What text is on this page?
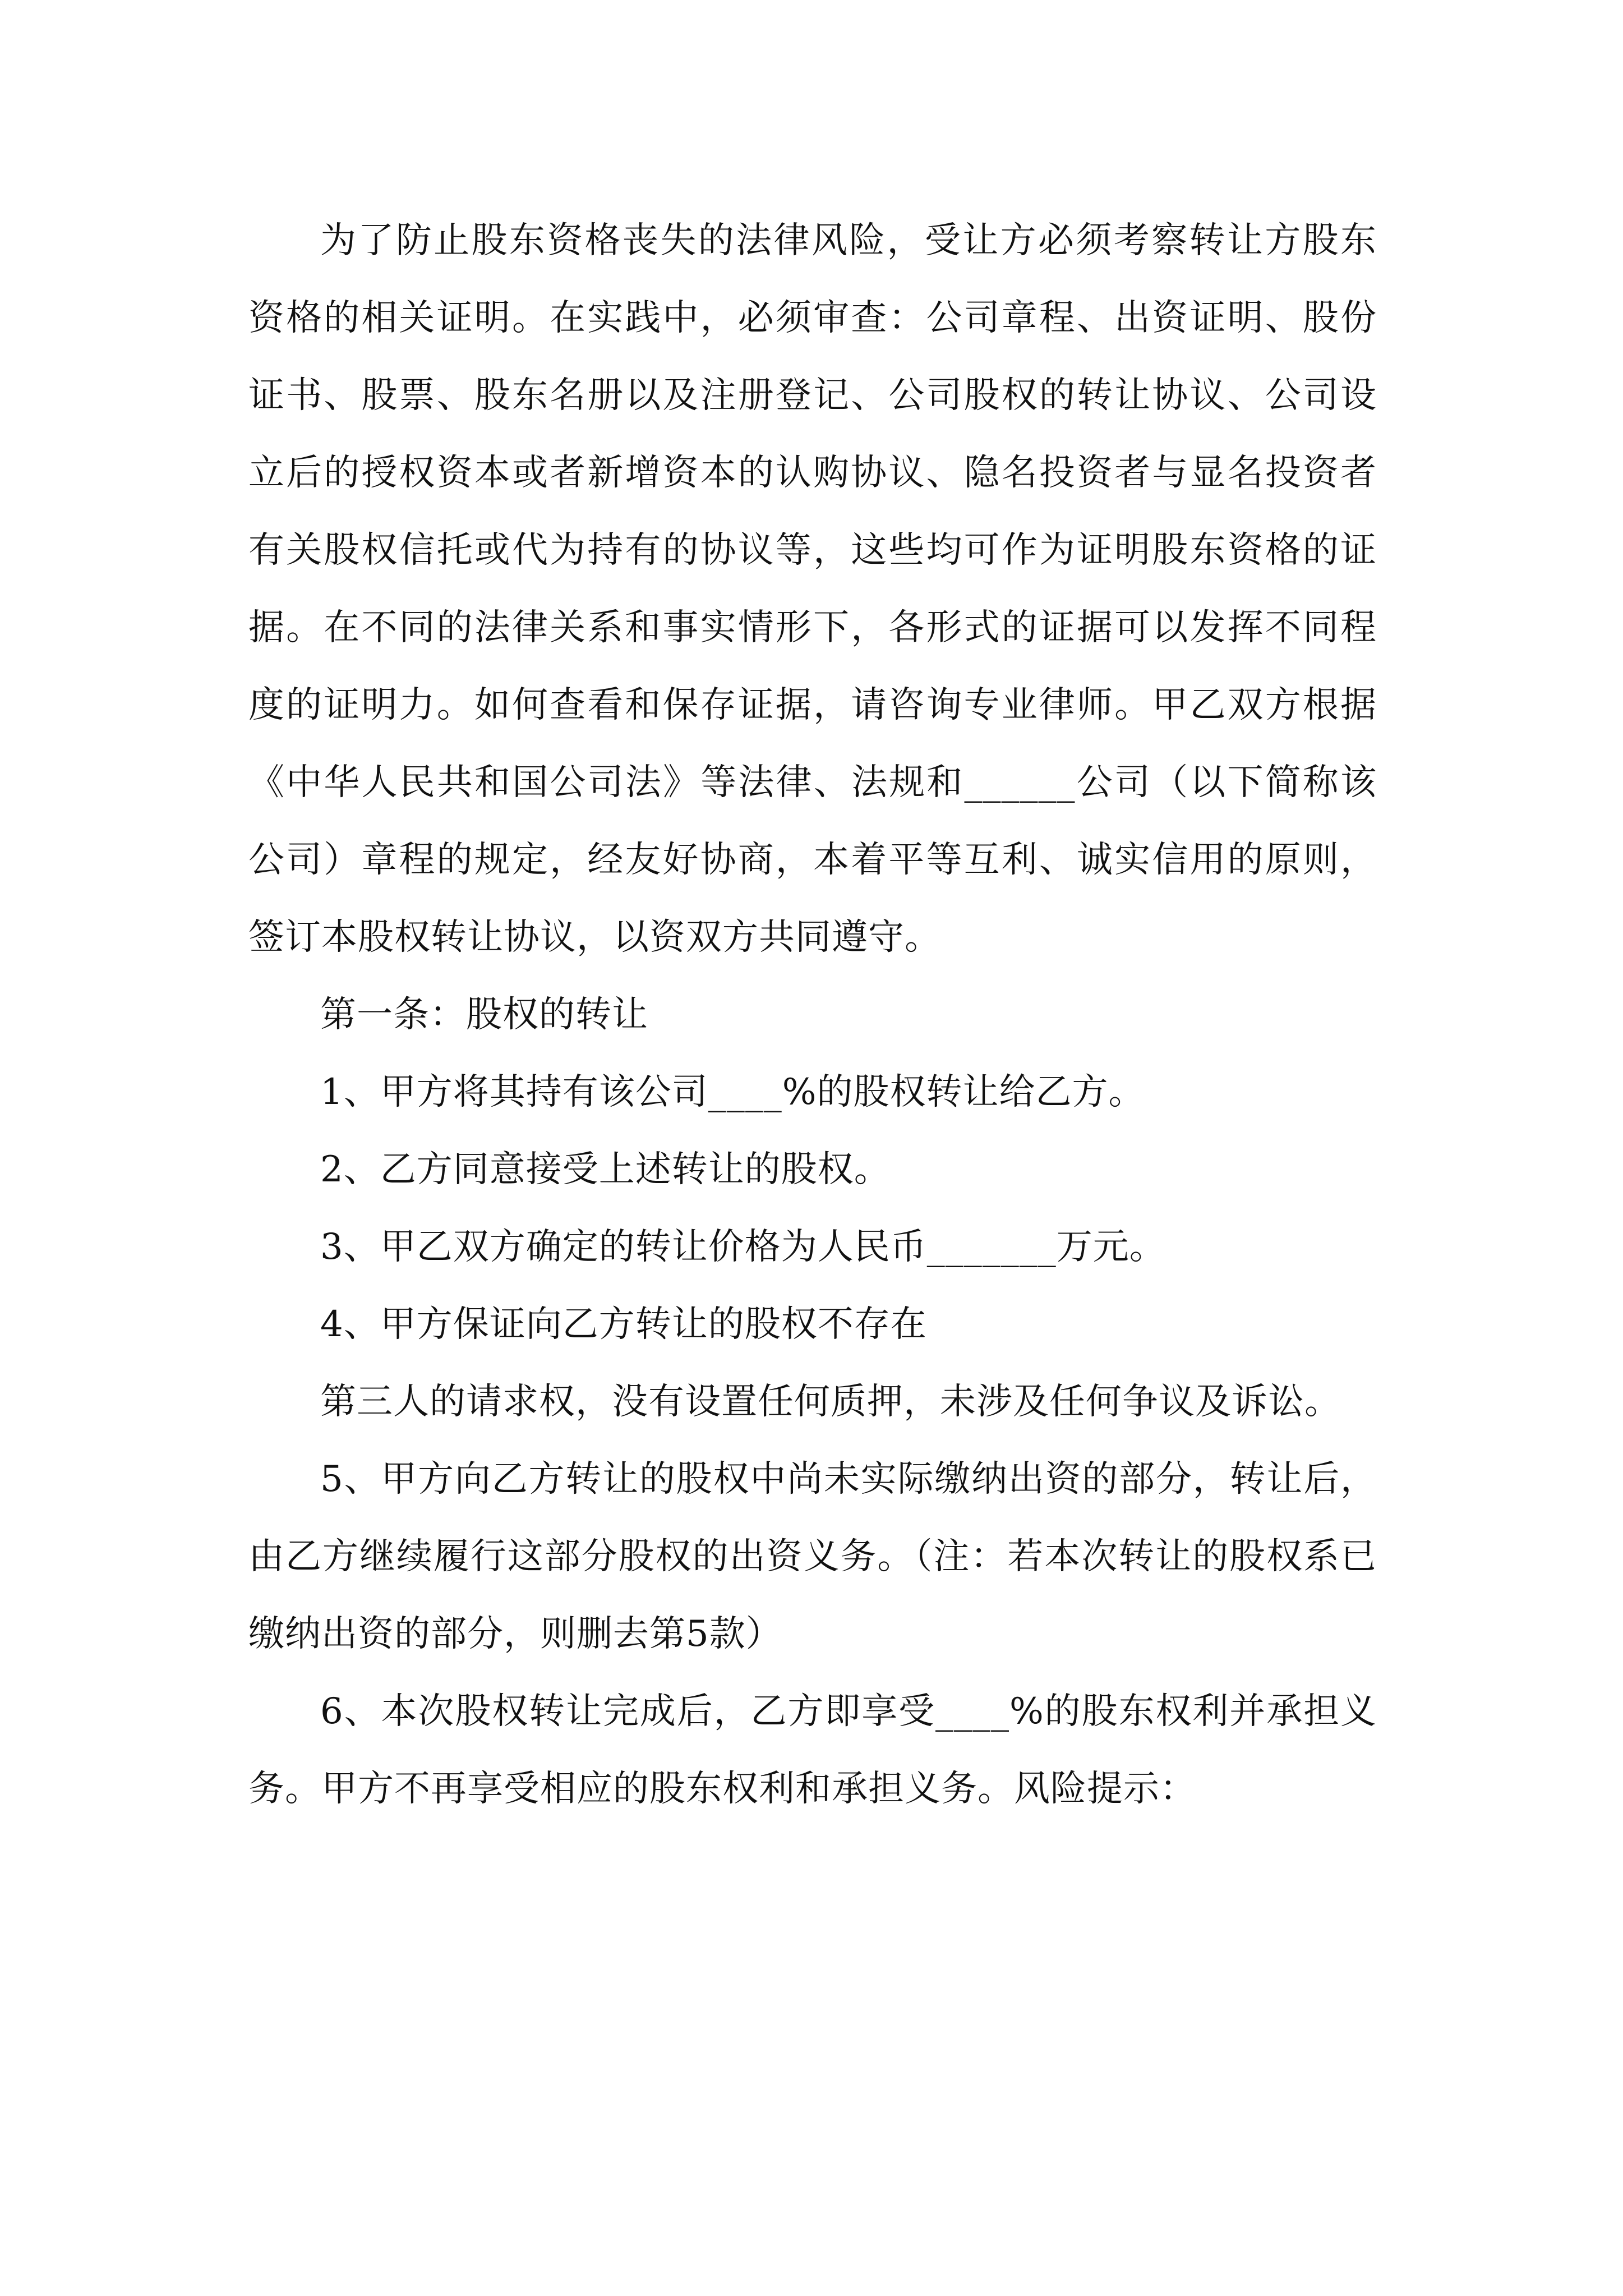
为了防止股东资格丧失的法律风险，受让方必须考察转让方股东资格的相关证明。在实践中，必须审查：公司章程、出资证明、股份证书、股票、股东名册以及注册登记、公司股权的转让协议、公司设立后的授权资本或者新增资本的认购协议、隐名投资者与显名投资者有关股权信托或代为持有的协议等，这些均可作为证明股东资格的证据。在不同的法律关系和事实情形下，各形式的证据可以发挥不同程度的证明力。如何查看和保存证据，请咨询专业律师。甲乙双方根据《中华人民共和国公司法》等法律、法规和______公司（以下简称该公司）章程的规定，经友好协商，本着平等互利、诚实信用的原则，签订本股权转让协议，以资双方共同遵守。

第一条：股权的转让

1、甲方将其持有该公司____%的股权转让给乙方。

2、乙方同意接受上述转让的股权。

3、甲乙双方确定的转让价格为人民币_______万元。

4、甲方保证向乙方转让的股权不存在

第三人的请求权，没有设置任何质押，未涉及任何争议及诉讼。

5、甲方向乙方转让的股权中尚未实际缴纳出资的部分，转让后，由乙方继续履行这部分股权的出资义务。（注：若本次转让的股权系已缴纳出资的部分，则删去第5款）

6、本次股权转让完成后，乙方即享受____%的股东权利并承担义务。甲方不再享受相应的股东权利和承担义务。风险提示：
